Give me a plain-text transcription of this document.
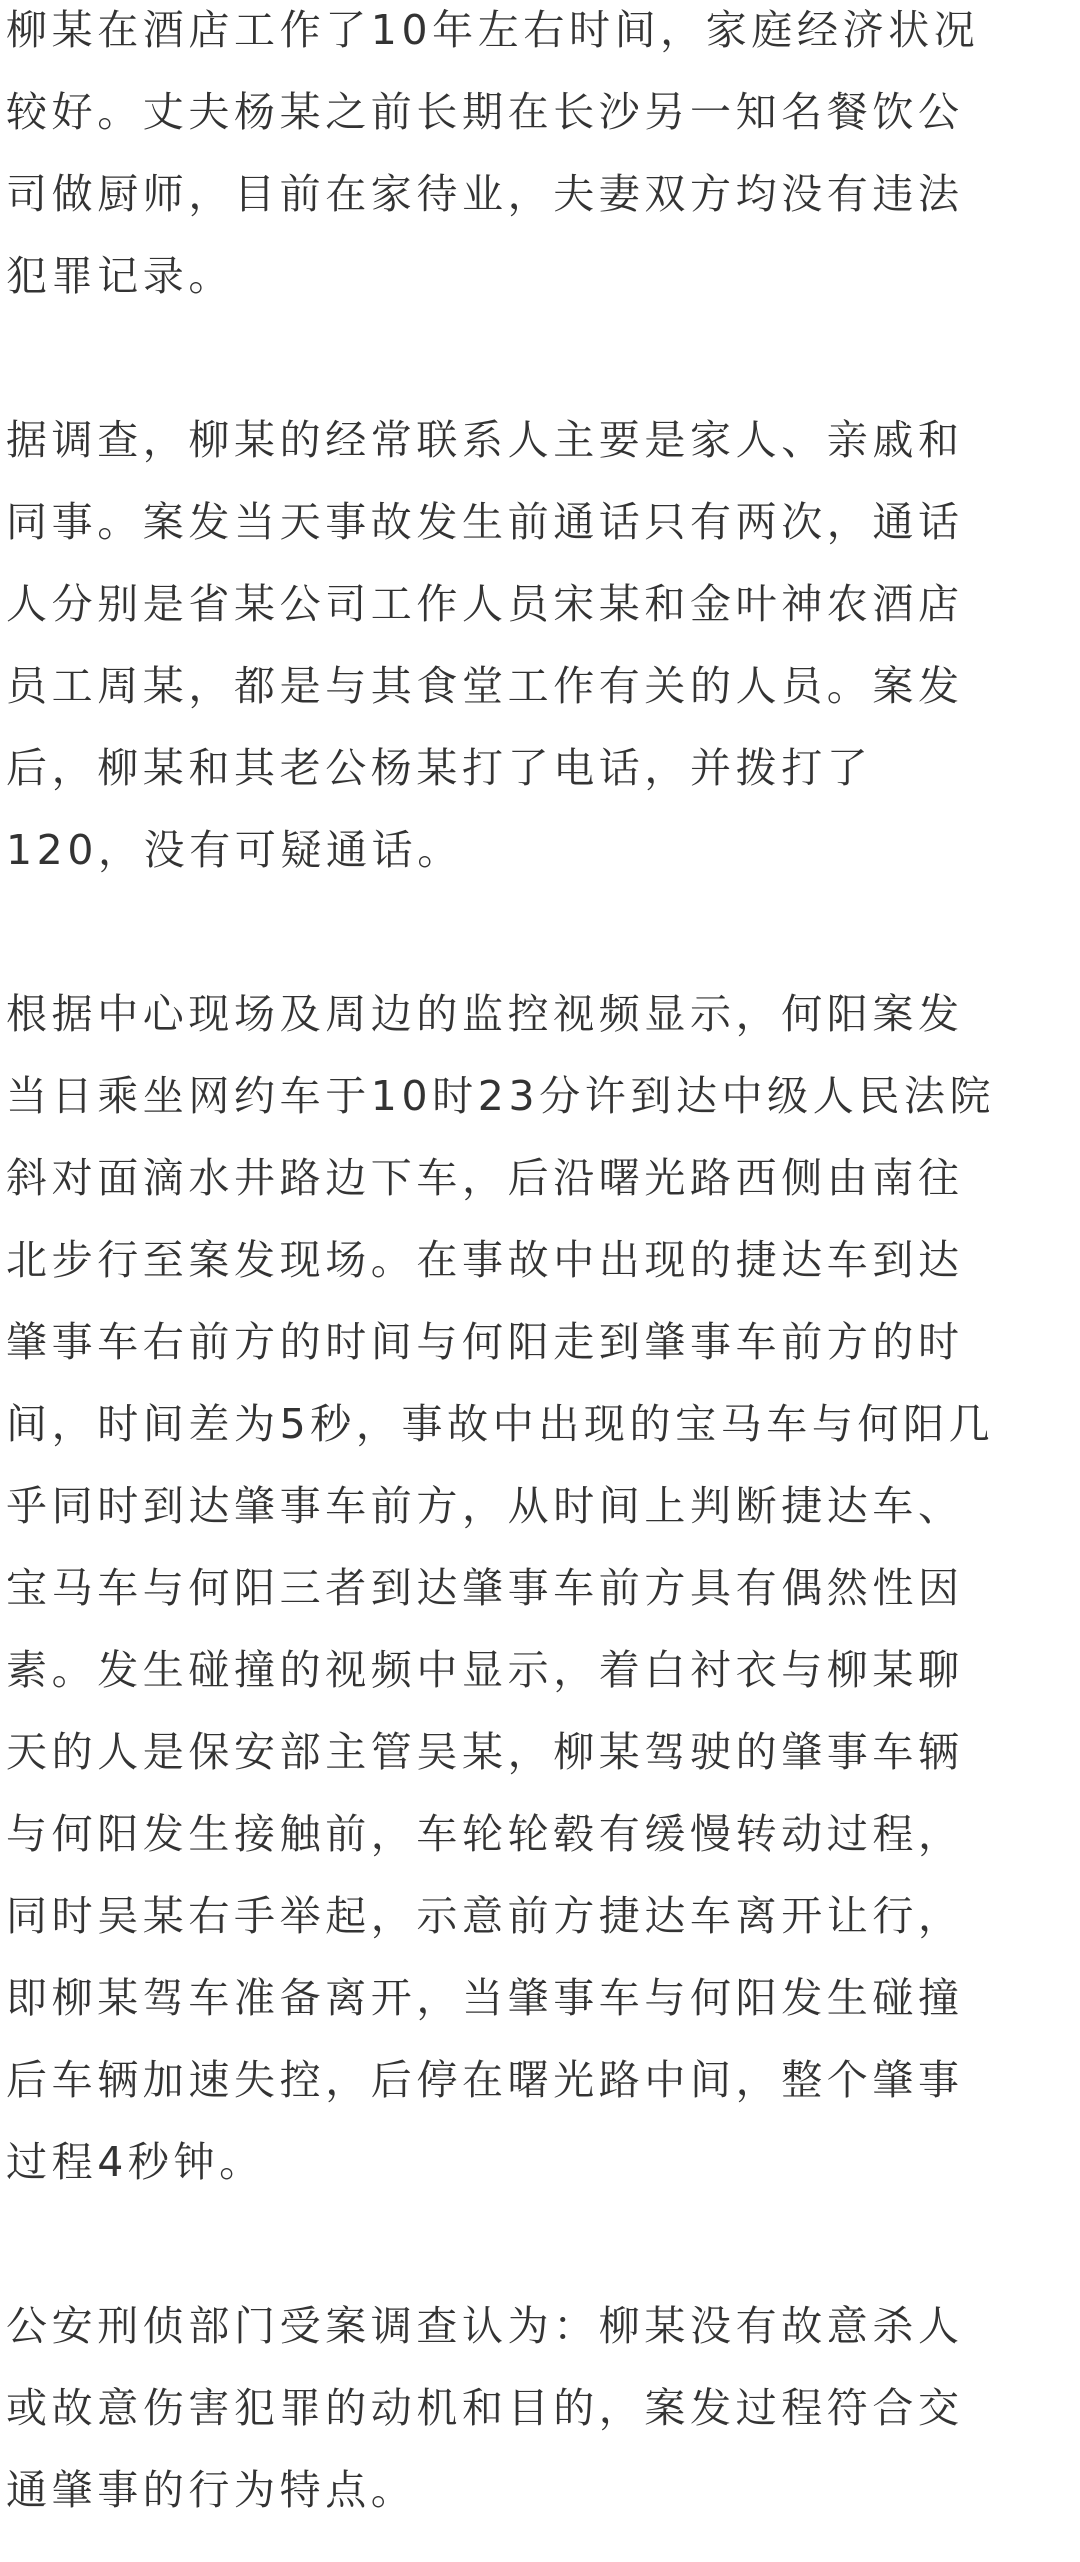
柳某在酒店工作了10年左右时间，家庭经济状况
较好。丈夫杨某之前长期在长沙另一知名餐饮公
司做厨师，目前在家待业，夫妻双方均没有违法
犯罪记录。

据调查，柳某的经常联系人主要是家人、亲戚和
同事。案发当天事故发生前通话只有两次，通话
人分别是省某公司工作人员宋某和金叶神农酒店
员工周某，都是与其食堂工作有关的人员。案发
后，柳某和其老公杨某打了电话，并拨打了
120，没有可疑通话。

根据中心现场及周边的监控视频显示，何阳案发
当日乘坐网约车于10时23分许到达中级人民法院
斜对面滴水井路边下车，后沿曙光路西侧由南往
北步行至案发现场。在事故中出现的捷达车到达
肇事车右前方的时间与何阳走到肇事车前方的时
间，时间差为5秒，事故中出现的宝马车与何阳几
乎同时到达肇事车前方，从时间上判断捷达车、
宝马车与何阳三者到达肇事车前方具有偶然性因
素。发生碰撞的视频中显示，着白衬衣与柳某聊
天的人是保安部主管吴某，柳某驾驶的肇事车辆
与何阳发生接触前，车轮轮毂有缓慢转动过程，
同时吴某右手举起，示意前方捷达车离开让行，
即柳某驾车准备离开，当肇事车与何阳发生碰撞
后车辆加速失控，后停在曙光路中间，整个肇事
过程4秒钟。

公安刑侦部门受案调查认为：柳某没有故意杀人
或故意伤害犯罪的动机和目的，案发过程符合交
通肇事的行为特点。
